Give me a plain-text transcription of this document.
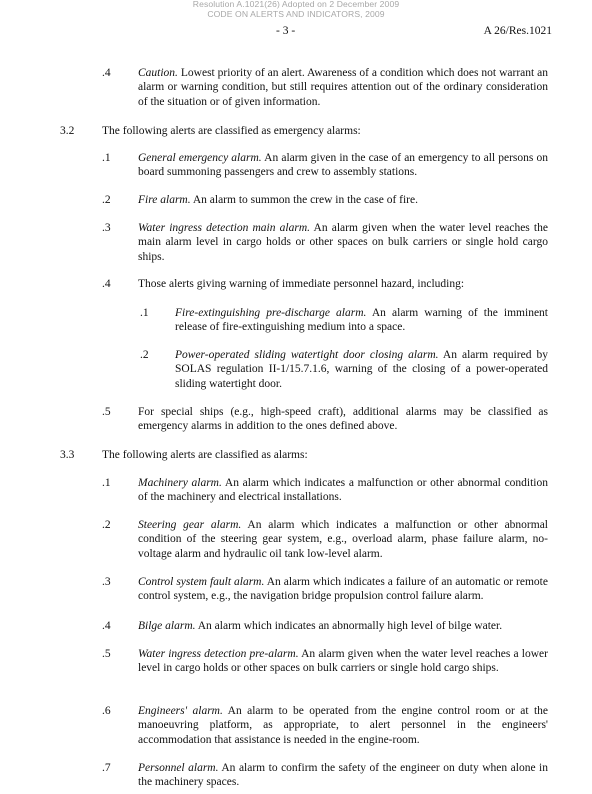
Resolution A.1021(26) Adopted on 2 December 2009
CODE ON ALERTS AND INDICATORS, 2009
- 3 -	A 26/Res.1021
.4 Caution. Lowest priority of an alert. Awareness of a condition which does not warrant an alarm or warning condition, but still requires attention out of the ordinary consideration of the situation or of given information.
3.2 The following alerts are classified as emergency alarms:
.1 General emergency alarm. An alarm given in the case of an emergency to all persons on board summoning passengers and crew to assembly stations.
.2 Fire alarm. An alarm to summon the crew in the case of fire.
.3 Water ingress detection main alarm. An alarm given when the water level reaches the main alarm level in cargo holds or other spaces on bulk carriers or single hold cargo ships.
.4 Those alerts giving warning of immediate personnel hazard, including:
.1 Fire-extinguishing pre-discharge alarm. An alarm warning of the imminent release of fire-extinguishing medium into a space.
.2 Power-operated sliding watertight door closing alarm. An alarm required by SOLAS regulation II-1/15.7.1.6, warning of the closing of a power-operated sliding watertight door.
.5 For special ships (e.g., high-speed craft), additional alarms may be classified as emergency alarms in addition to the ones defined above.
3.3 The following alerts are classified as alarms:
.1 Machinery alarm. An alarm which indicates a malfunction or other abnormal condition of the machinery and electrical installations.
.2 Steering gear alarm. An alarm which indicates a malfunction or other abnormal condition of the steering gear system, e.g., overload alarm, phase failure alarm, no-voltage alarm and hydraulic oil tank low-level alarm.
.3 Control system fault alarm. An alarm which indicates a failure of an automatic or remote control system, e.g., the navigation bridge propulsion control failure alarm.
.4 Bilge alarm. An alarm which indicates an abnormally high level of bilge water.
.5 Water ingress detection pre-alarm. An alarm given when the water level reaches a lower level in cargo holds or other spaces on bulk carriers or single hold cargo ships.
.6 Engineers' alarm. An alarm to be operated from the engine control room or at the manoeuvring platform, as appropriate, to alert personnel in the engineers' accommodation that assistance is needed in the engine-room.
.7 Personnel alarm. An alarm to confirm the safety of the engineer on duty when alone in the machinery spaces.
